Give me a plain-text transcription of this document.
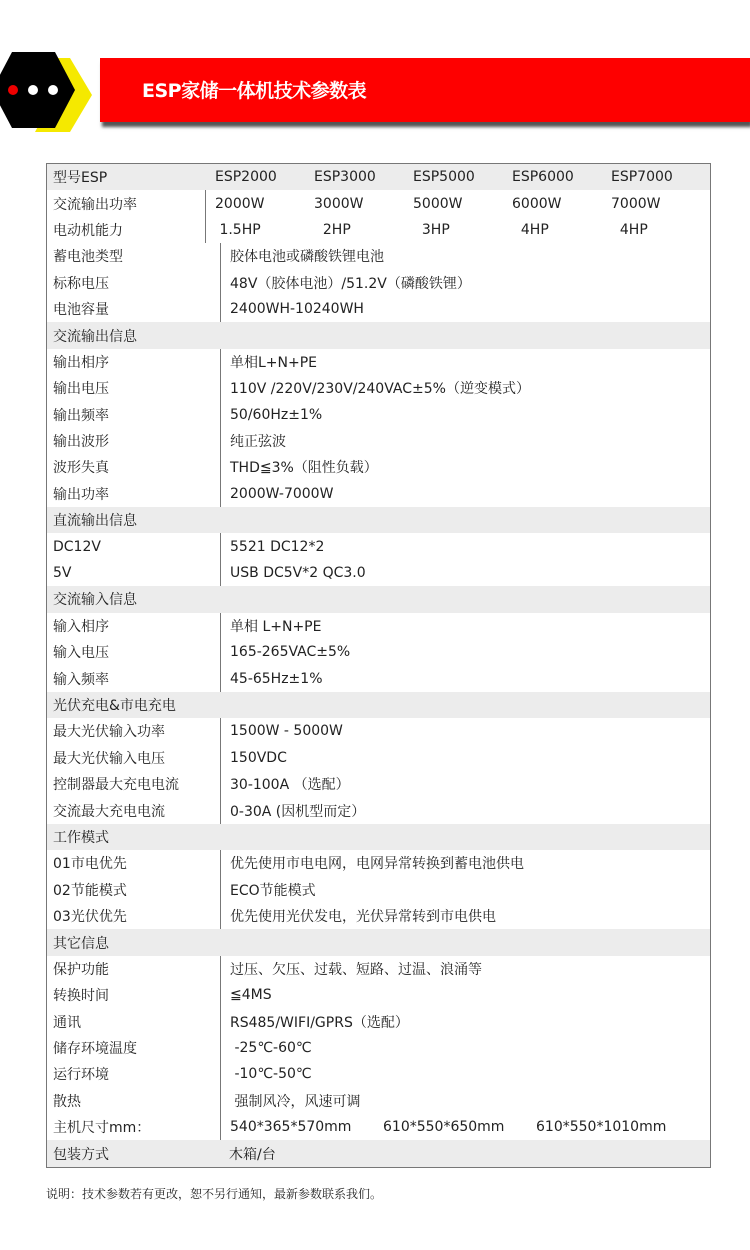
ESP家储一体机技术参数表
型号ESP	ESP2000	ESP3000	ESP5000	ESP6000	ESP7000
交流输出功率	2000W	3000W	5000W	6000W	7000W
电动机能力	1.5HP	2HP	3HP	4HP	4HP
蓄电池类型	胶体电池或磷酸铁锂电池
标称电压	48V（胶体电池）/51.2V（磷酸铁锂）
电池容量	2400WH-10240WH
交流输出信息
输出相序	单相L+N+PE
输出电压	110V /220V/230V/240VAC±5%（逆变模式）
输出频率	50/60Hz±1%
输出波形	纯正弦波
波形失真	THD≦3%（阻性负载）
输出功率	2000W-7000W
直流输出信息
DC12V	5521 DC12*2
5V	USB DC5V*2 QC3.0
交流输入信息
输入相序	单相 L+N+PE
输入电压	165-265VAC±5%
输入频率	45-65Hz±1%
光伏充电&市电充电
最大光伏输入功率	1500W - 5000W
最大光伏输入电压	150VDC
控制器最大充电电流	30-100A （选配）
交流最大充电电流	0-30A (因机型而定）
工作模式
01市电优先	优先使用市电电网，电网异常转换到蓄电池供电
02节能模式	ECO节能模式
03光伏优先	优先使用光伏发电，光伏异常转到市电供电
其它信息
保护功能	过压、欠压、过载、短路、过温、浪涌等
转换时间	≦4MS
通讯	RS485/WIFI/GPRS（选配）
储存环境温度	-25℃-60℃
运行环境	-10℃-50℃
散热	强制风冷，风速可调
主机尺寸mm：	540*365*570mm	610*550*650mm	610*550*1010mm
包装方式	木箱/台
说明：技术参数若有更改，恕不另行通知，最新参数联系我们。
